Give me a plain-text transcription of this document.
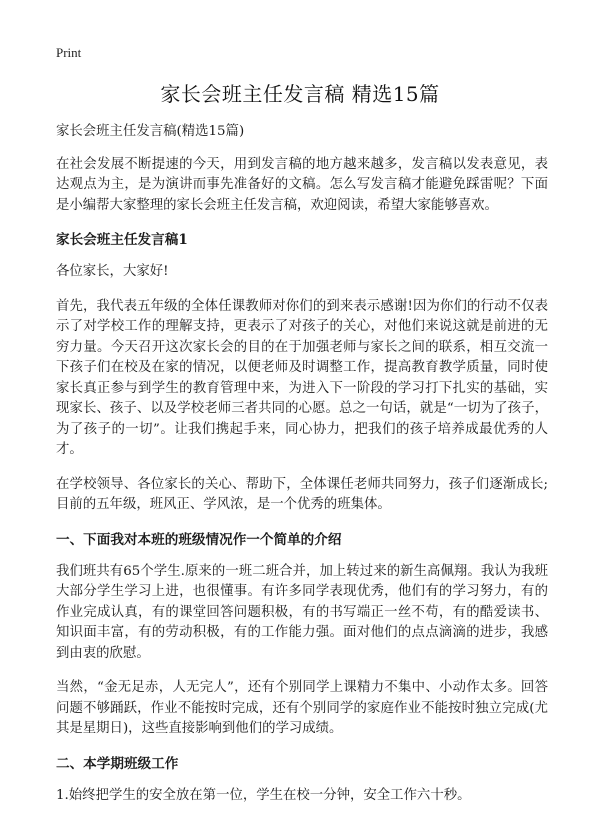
Print
家长会班主任发言稿 精选15篇

家长会班主任发言稿(精选15篇)

在社会发展不断提速的今天，用到发言稿的地方越来越多，发言稿以发表意见，表达观点为主，是为演讲而事先准备好的文稿。怎么写发言稿才能避免踩雷呢？下面是小编帮大家整理的家长会班主任发言稿，欢迎阅读，希望大家能够喜欢。

家长会班主任发言稿1

各位家长，大家好!

首先，我代表五年级的全体任课教师对你们的到来表示感谢!因为你们的行动不仅表示了对学校工作的理解支持，更表示了对孩子的关心，对他们来说这就是前进的无穷力量。今天召开这次家长会的目的在于加强老师与家长之间的联系，相互交流一下孩子们在校及在家的情况，以便老师及时调整工作，提高教育教学质量，同时使家长真正参与到学生的教育管理中来，为进入下一阶段的学习打下扎实的基础，实现家长、孩子、以及学校老师三者共同的心愿。总之一句话，就是“一切为了孩子，为了孩子的一切”。让我们携起手来，同心协力，把我们的孩子培养成最优秀的人才。

在学校领导、各位家长的关心、帮助下，全体课任老师共同努力，孩子们逐渐成长;目前的五年级，班风正、学风浓，是一个优秀的班集体。

一、下面我对本班的班级情况作一个简单的介绍

我们班共有65个学生.原来的一班二班合并，加上转过来的新生高佩翔。我认为我班大部分学生学习上进，也很懂事。有许多同学表现优秀，他们有的学习努力，有的作业完成认真，有的课堂回答问题积极，有的书写端正一丝不苟，有的酷爱读书、知识面丰富，有的劳动积极，有的工作能力强。面对他们的点点滴滴的进步，我感到由衷的欣慰。

当然，“金无足赤，人无完人”，还有个别同学上课精力不集中、小动作太多。回答问题不够踊跃，作业不能按时完成，还有个别同学的家庭作业不能按时独立完成(尤其是星期日)，这些直接影响到他们的学习成绩。

二、本学期班级工作

1.始终把学生的安全放在第一位，学生在校一分钟，安全工作六十秒。
